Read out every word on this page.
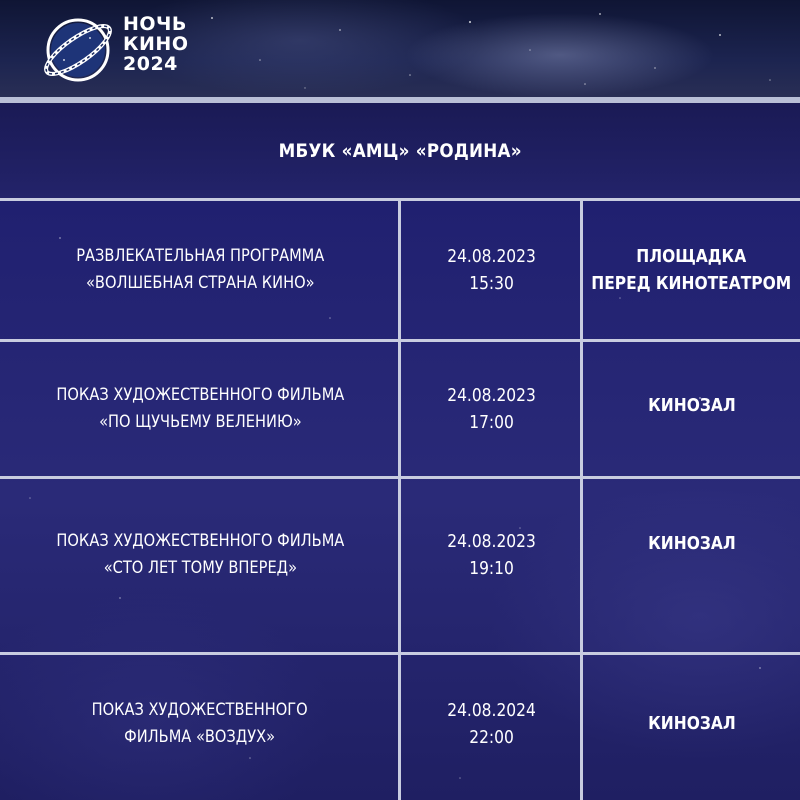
НОЧЬ
КИНО
2024
МБУК «АМЦ» «РОДИНА»
РАЗВЛЕКАТЕЛЬНАЯ ПРОГРАММА
«ВОЛШЕБНАЯ СТРАНА КИНО»
24.08.2023
15:30
ПЛОЩАДКА
ПЕРЕД КИНОТЕАТРОМ
ПОКАЗ ХУДОЖЕСТВЕННОГО ФИЛЬМА
«ПО ЩУЧЬЕМУ ВЕЛЕНИЮ»
24.08.2023
17:00
КИНОЗАЛ
ПОКАЗ ХУДОЖЕСТВЕННОГО ФИЛЬМА
«СТО ЛЕТ ТОМУ ВПЕРЕД»
24.08.2023
19:10
КИНОЗАЛ
ПОКАЗ ХУДОЖЕСТВЕННОГО
ФИЛЬМА «ВОЗДУХ»
24.08.2024
22:00
КИНОЗАЛ
